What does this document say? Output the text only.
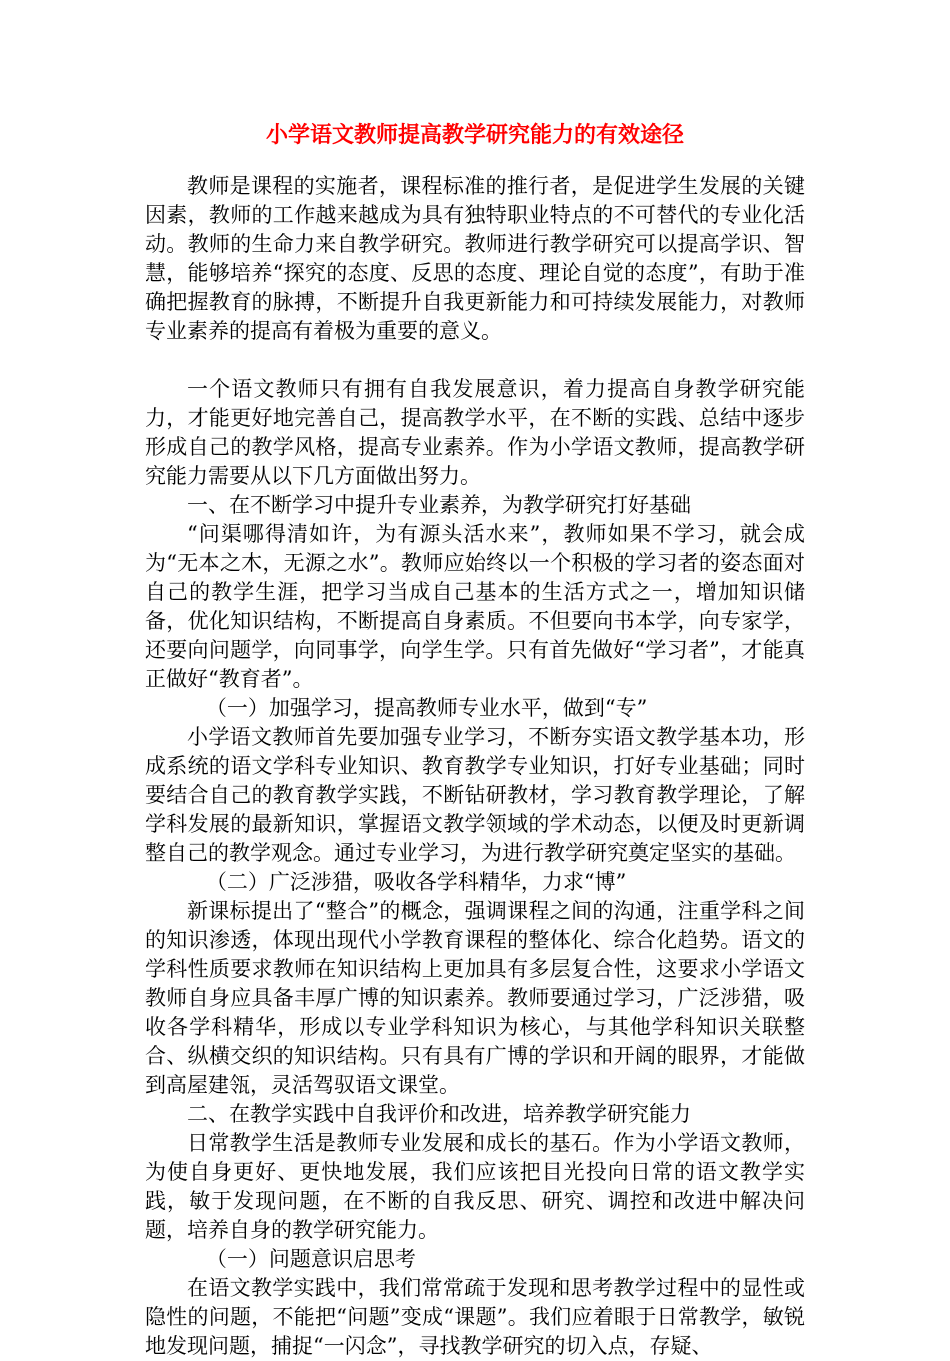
小学语文教师提高教学研究能力的有效途径

教师是课程的实施者，课程标准的推行者，是促进学生发展的关键因素，教师的工作越来越成为具有独特职业特点的不可替代的专业化活动。教师的生命力来自教学研究。教师进行教学研究可以提高学识、智慧，能够培养“探究的态度、反思的态度、理论自觉的态度”，有助于准确把握教育的脉搏，不断提升自我更新能力和可持续发展能力，对教师专业素养的提高有着极为重要的意义。

一个语文教师只有拥有自我发展意识，着力提高自身教学研究能力，才能更好地完善自己，提高教学水平，在不断的实践、总结中逐步形成自己的教学风格，提高专业素养。作为小学语文教师，提高教学研究能力需要从以下几方面做出努力。

一、在不断学习中提升专业素养，为教学研究打好基础

“问渠哪得清如许，为有源头活水来”，教师如果不学习，就会成为“无本之木，无源之水”。教师应始终以一个积极的学习者的姿态面对自己的教学生涯，把学习当成自己基本的生活方式之一，增加知识储备，优化知识结构，不断提高自身素质。不但要向书本学，向专家学，还要向问题学，向同事学，向学生学。只有首先做好“学习者”，才能真正做好“教育者”。

（一）加强学习，提高教师专业水平，做到“专”

小学语文教师首先要加强专业学习，不断夯实语文教学基本功，形成系统的语文学科专业知识、教育教学专业知识，打好专业基础；同时要结合自己的教育教学实践，不断钻研教材，学习教育教学理论，了解学科发展的最新知识，掌握语文教学领域的学术动态，以便及时更新调整自己的教学观念。通过专业学习，为进行教学研究奠定坚实的基础。

（二）广泛涉猎，吸收各学科精华，力求“博”

新课标提出了“整合”的概念，强调课程之间的沟通，注重学科之间的知识渗透，体现出现代小学教育课程的整体化、综合化趋势。语文的学科性质要求教师在知识结构上更加具有多层复合性，这要求小学语文教师自身应具备丰厚广博的知识素养。教师要通过学习，广泛涉猎，吸收各学科精华，形成以专业学科知识为核心，与其他学科知识关联整合、纵横交织的知识结构。只有具有广博的学识和开阔的眼界，才能做到高屋建瓴，灵活驾驭语文课堂。

二、在教学实践中自我评价和改进，培养教学研究能力

日常教学生活是教师专业发展和成长的基石。作为小学语文教师，为使自身更好、更快地发展，我们应该把目光投向日常的语文教学实践，敏于发现问题，在不断的自我反思、研究、调控和改进中解决问题，培养自身的教学研究能力。

（一）问题意识启思考

在语文教学实践中，我们常常疏于发现和思考教学过程中的显性或隐性的问题，不能把“问题”变成“课题”。我们应着眼于日常教学，敏锐地发现问题，捕捉“一闪念”，寻找教学研究的切入点，存疑、
